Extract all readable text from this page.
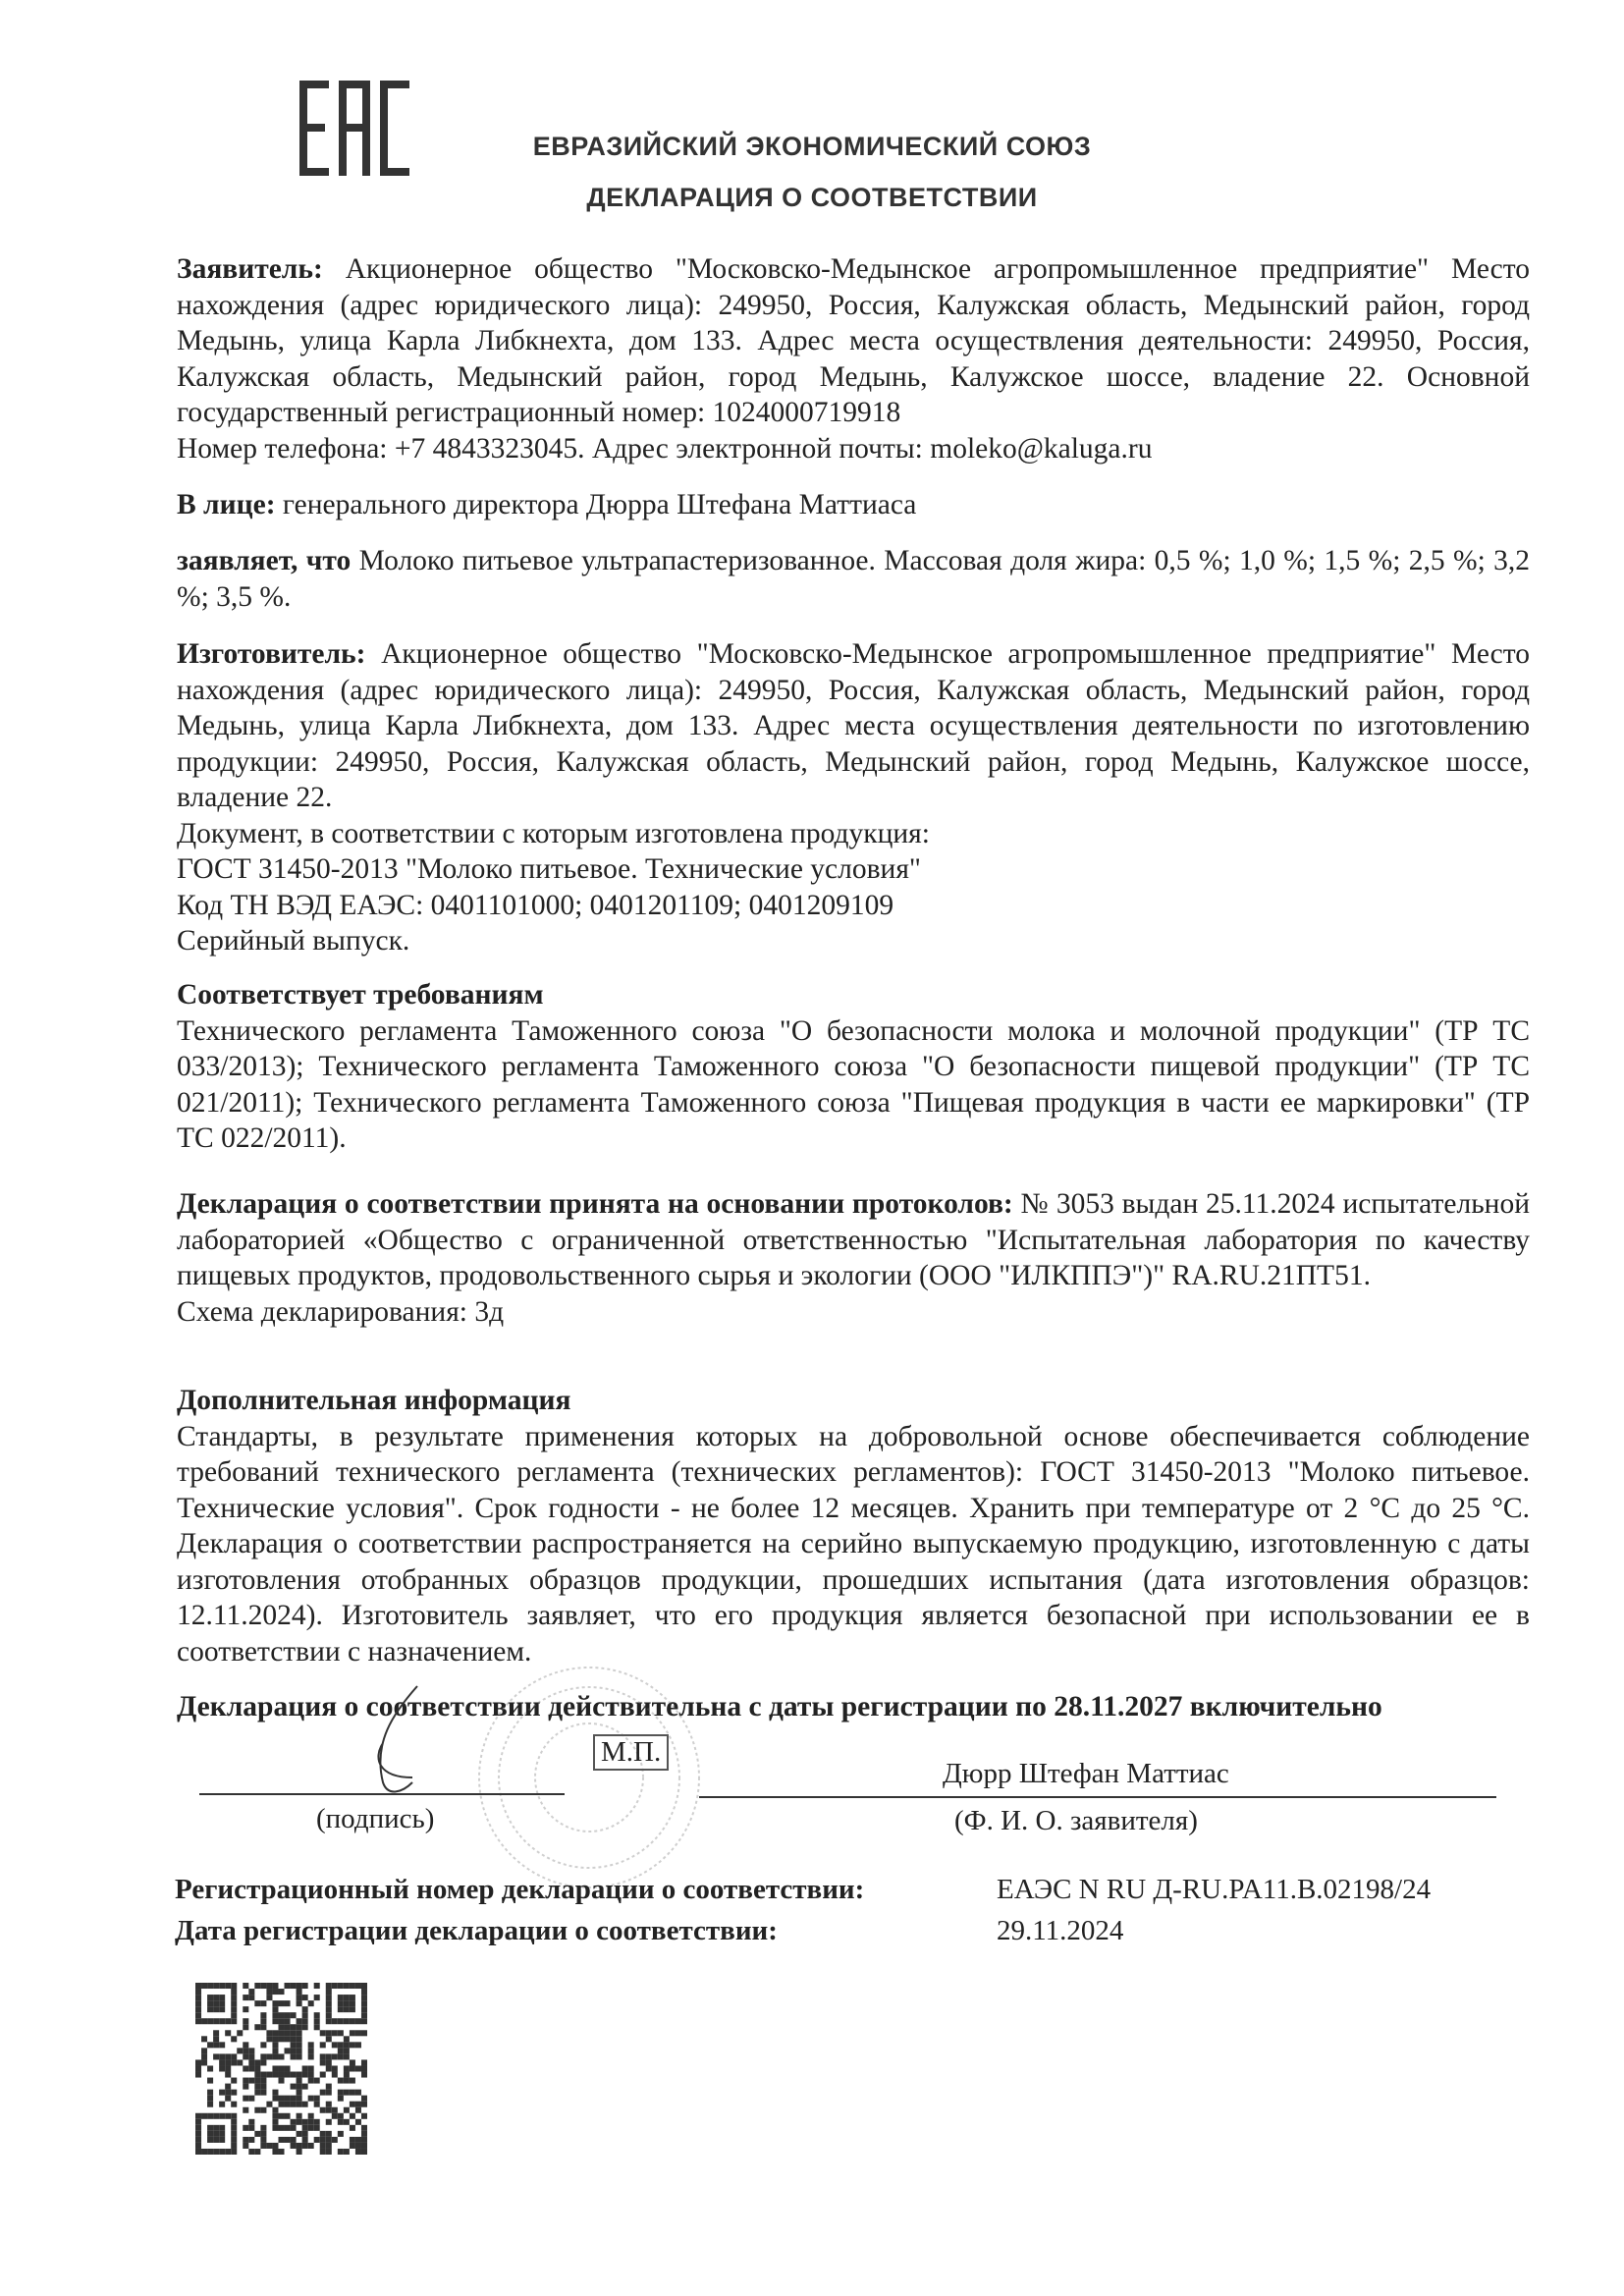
ЕВРАЗИЙСКИЙ ЭКОНОМИЧЕСКИЙ СОЮЗ
ДЕКЛАРАЦИЯ О СООТВЕТСТВИИ
Заявитель: Акционерное общество "Московско-Медынское агропромышленное предприятие" Место нахождения (адрес юридического лица): 249950, Россия, Калужская область, Медынский район, город Медынь, улица Карла Либкнехта, дом 133. Адрес места осуществления деятельности: 249950, Россия, Калужская область, Медынский район, город Медынь, Калужское шоссе, владение 22. Основной государственный регистрационный номер: 1024000719918
Номер телефона: +7 4843323045. Адрес электронной почты: moleko@kaluga.ru
В лице: генерального директора Дюрра Штефана Маттиаса
заявляет, что Молоко питьевое ультрапастеризованное. Массовая доля жира: 0,5 %; 1,0 %; 1,5 %; 2,5 %; 3,2 %; 3,5 %.
Изготовитель: Акционерное общество "Московско-Медынское агропромышленное предприятие" Место нахождения (адрес юридического лица): 249950, Россия, Калужская область, Медынский район, город Медынь, улица Карла Либкнехта, дом 133. Адрес места осуществления деятельности по изготовлению продукции: 249950, Россия, Калужская область, Медынский район, город Медынь, Калужское шоссе, владение 22.
Документ, в соответствии с которым изготовлена продукция:
ГОСТ 31450-2013 "Молоко питьевое. Технические условия"
Код ТН ВЭД ЕАЭС: 0401101000; 0401201109; 0401209109
Серийный выпуск.
Соответствует требованиям
Технического регламента Таможенного союза "О безопасности молока и молочной продукции" (ТР ТС 033/2013); Технического регламента Таможенного союза "О безопасности пищевой продукции" (ТР ТС 021/2011); Технического регламента Таможенного союза "Пищевая продукция в части ее маркировки" (ТР ТС 022/2011).
Декларация о соответствии принята на основании протоколов: № 3053 выдан 25.11.2024 испытательной лабораторией «Общество с ограниченной ответственностью "Испытательная лаборатория по качеству пищевых продуктов, продовольственного сырья и экологии (ООО "ИЛКППЭ")" RA.RU.21ПТ51.
Схема декларирования: 3д
Дополнительная информация
Стандарты, в результате применения которых на добровольной основе обеспечивается соблюдение требований технического регламента (технических регламентов): ГОСТ 31450-2013 "Молоко питьевое. Технические условия". Срок годности - не более 12 месяцев. Хранить при температуре от 2 °С до 25 °С. Декларация о соответствии распространяется на серийно выпускаемую продукцию, изготовленную с даты изготовления отобранных образцов продукции, прошедших испытания (дата изготовления образцов: 12.11.2024). Изготовитель заявляет, что его продукция является безопасной при использовании ее в соответствии с назначением.
Декларация о соответствии действительна с даты регистрации по 28.11.2027 включительно
М.П.
Дюрр Штефан Маттиас
(подпись)	(Ф. И. О. заявителя)
Регистрационный номер декларации о соответствии:	ЕАЭС N RU Д-RU.PA11.B.02198/24
Дата регистрации декларации о соответствии:	29.11.2024
